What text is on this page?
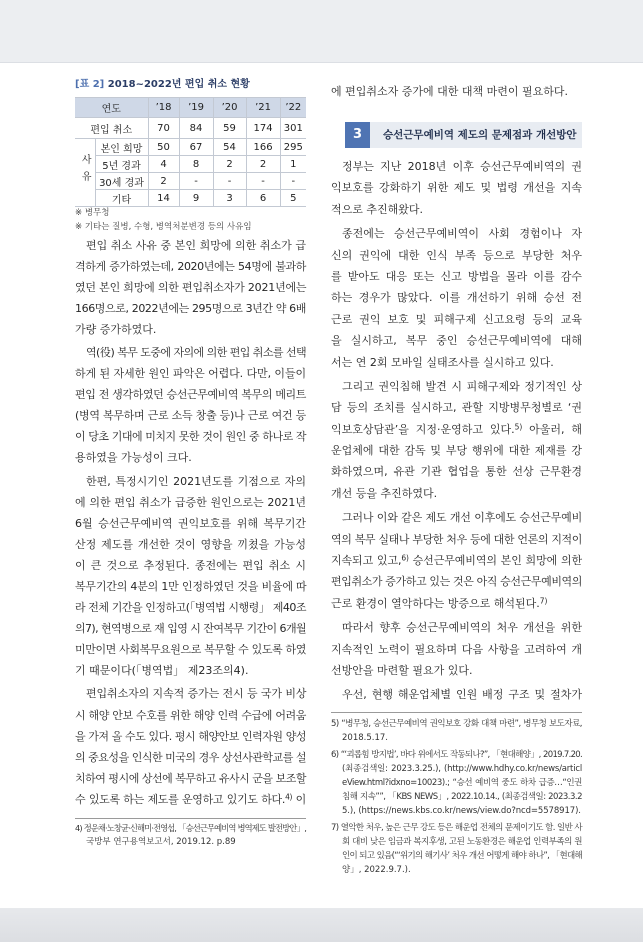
[표 2] 2018~2022년 편입 취소 현황
연도		’18	’19	’20	’21	’22
편입 취소		70	84	59	174	301
사유	본인 희망	50	67	54	166	295
	5년 경과	4	8	2	2	1
	30세 경과	2	-	-	-	-
	기타	14	9	3	6	5
※ 병무청
※ 기타는 질병, 수형, 병역처분변경 등의 사유임
편입 취소 사유 중 본인 희망에 의한 취소가 급
격하게 증가하였는데, 2020년에는 54명에 불과하
였던 본인 희망에 의한 편입취소자가 2021년에는
166명으로, 2022년에는 295명으로 3년간 약 6배
가량 증가하였다.
역(役) 복무 도중에 자의에 의한 편입 취소를 선택
하게 된 자세한 원인 파악은 어렵다. 다만, 이들이
편입 전 생각하였던 승선근무예비역 복무의 메리트
(병역 복무하며 근로 소득 창출 등)나 근로 여건 등
이 당초 기대에 미치지 못한 것이 원인 중 하나로 작
용하였을 가능성이 크다.
한편, 특정시기인 2021년도를 기점으로 자의
에 의한 편입 취소가 급증한 원인으로는 2021년
6월 승선근무예비역 권익보호를 위해 복무기간
산정 제도를 개선한 것이 영향을 끼쳤을 가능성
이 큰 것으로 추정된다. 종전에는 편입 취소 시
복무기간의 4분의 1만 인정하였던 것을 비율에 따
라 전체 기간을 인정하고(「병역법 시행령」 제40조
의7), 현역병으로 재 입영 시 잔여복무 기간이 6개월
미만이면 사회복무요원으로 복무할 수 있도록 하였
기 때문이다(「병역법」 제23조의4).
편입취소자의 지속적 증가는 전시 등 국가 비상
시 해양 안보 수호를 위한 해양 인력 수급에 어려움
을 가져 올 수도 있다. 평시 해양안보 인력자원 양성
의 중요성을 인식한 미국의 경우 상선사관학교를 설
치하여 평시에 상선에 복무하고 유사시 군을 보조할
수 있도록 하는 제도를 운영하고 있기도 하다.$^{4)}$ 이
4) 정운채·노창균·신해미·전영섭, 「승선근무예비역 병역제도 발전방안」,
국방부 연구용역보고서, 2019.12. p.89
에 편입취소자 증가에 대한 대책 마련이 필요하다.
3	승선근무예비역 제도의 문제점과 개선방안
정부는 지난 2018년 이후 승선근무예비역의 권
익보호를 강화하기 위한 제도 및 법령 개선을 지속
적으로 추진해왔다.
종전에는 승선근무예비역이 사회 경험이나 자
신의 권익에 대한 인식 부족 등으로 부당한 처우
를 받아도 대응 또는 신고 방법을 몰라 이를 감수
하는 경우가 많았다. 이를 개선하기 위해 승선 전
근로 권익 보호 및 피해구제 신고요령 등의 교육
을 실시하고, 복무 중인 승선근무예비역에 대해
서는 연 2회 모바일 실태조사를 실시하고 있다.
그리고 권익침해 발견 시 피해구제와 정기적인 상
담 등의 조치를 실시하고, 관할 지방병무청별로 ‘권
익보호상담관’을 지정·운영하고 있다.$^{5)}$ 아울러, 해
운업체에 대한 감독 및 부당 행위에 대한 제재를 강
화하였으며, 유관 기관 협업을 통한 선상 근무환경
개선 등을 추진하였다.
그러나 이와 같은 제도 개선 이후에도 승선근무예비
역의 복무 실태나 부당한 처우 등에 대한 언론의 지적이
지속되고 있고,$^{6)}$ 승선근무예비역의 본인 희망에 의한
편입취소가 증가하고 있는 것은 아직 승선근무예비역의
근로 환경이 열악하다는 방증으로 해석된다.$^{7)}$
따라서 향후 승선근무예비역의 처우 개선을 위한
지속적인 노력이 필요하며 다음 사항을 고려하여 개
선방안을 마련할 필요가 있다.
우선, 현행 해운업체별 인원 배정 구조 및 절차가
5) “병무청, 승선근무예비역 권익보호 강화 대책 마련”, 병무청 보도자료,
2018.5.17.
6) “‘괴롭힘 방지법’, 바다 위에서도 작동되나?”, 「현대해양」, 2019.7.20.
(최종검색일: 2023.3.25.), (http://www.hdhy.co.kr/news/articl
eView.html?idxno=10023).; “승선 예비역 중도 하차 급증…“인권
침해 지속””, 「KBS NEWS」, 2022.10.14., (최종검색일: 2023.3.2
5.), (https://news.kbs.co.kr/news/view.do?ncd=5578917).
7) 열악한 처우, 높은 근무 강도 등은 해운업 전체의 문제이기도 함. 일반 사
회 대비 낮은 임금과 복지후생, 고된 노동환경은 해운업 인력부족의 원
인이 되고 있음(“‘위기의 해기사’ 처우 개선 어떻게 해야 하나”, 「현대해
양」, 2022.9.7.).
